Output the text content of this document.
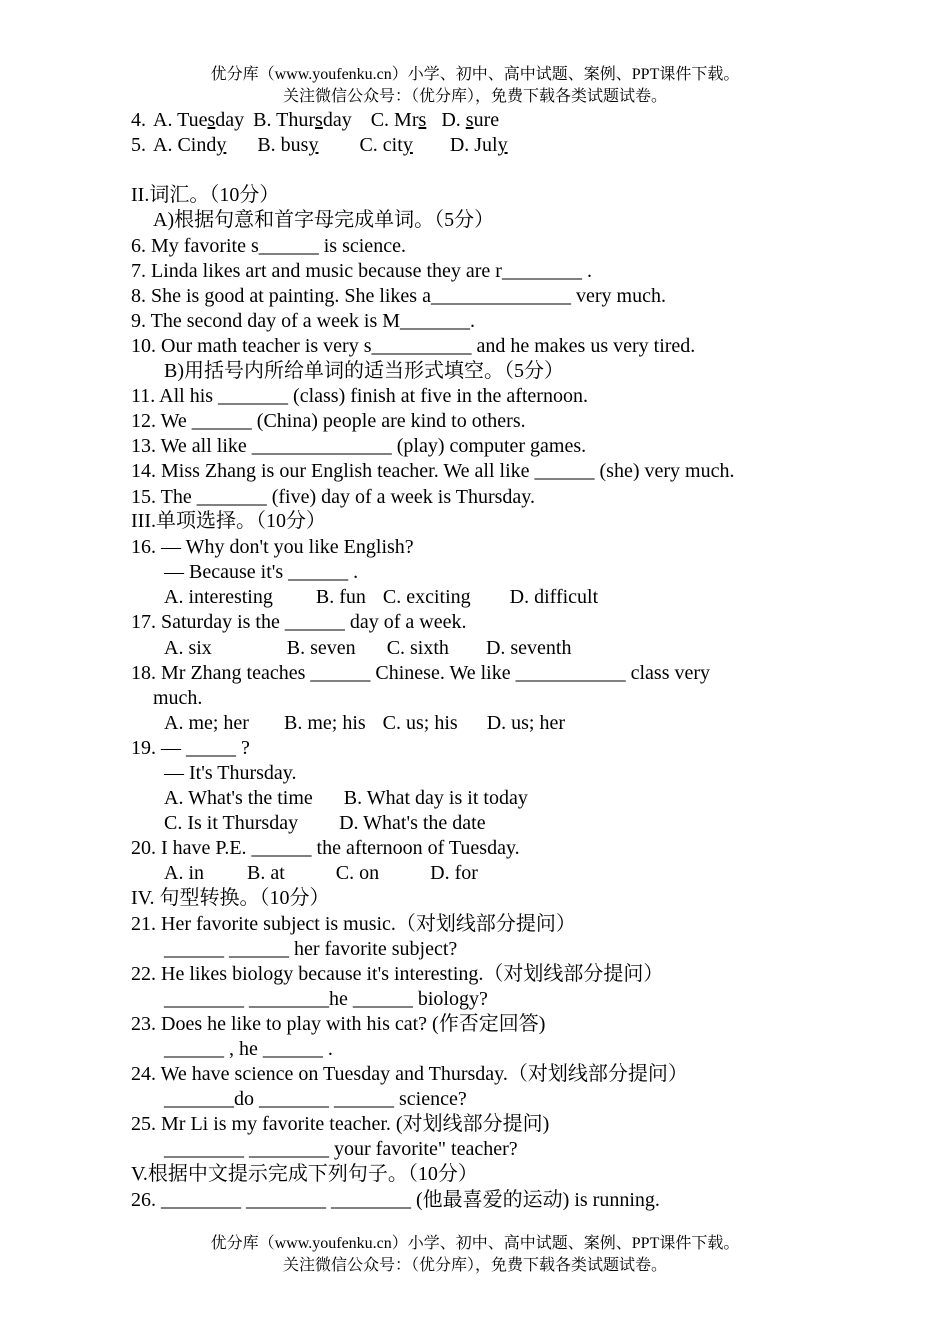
优分库（www.youfenku.cn）小学、初中、高中试题、案例、PPT课件下载。
关注微信公众号：（优分库），免费下载各类试题试卷。
4. A. Tuesday B. Thursday C. Mrs D. sure
5. A. Cindy B. busy C. city D. July
II.词汇。（10分）
A)根据句意和首字母完成单词。（5分）
6. My favorite s______ is science.
7. Linda likes art and music because they are r________ .
8. She is good at painting. She likes a______________ very much.
9. The second day of a week is M_______.
10. Our math teacher is very s__________ and he makes us very tired.
B)用括号内所给单词的适当形式填空。（5分）
11. All his _______ (class) finish at five in the afternoon.
12. We ______ (China) people are kind to others.
13. We all like ______________ (play) computer games.
14. Miss Zhang is our English teacher. We all like ______ (she) very much.
15. The _______ (five) day of a week is Thursday.
III.单项选择。（10分）
16. — Why don't you like English?
— Because it's ______ .
A. interesting B. fun C. exciting D. difficult
17. Saturday is the ______ day of a week.
A. six	B. seven C. sixth D. seventh
18. Mr Zhang teaches ______ Chinese. We like ___________ class very
much.
A. me; her B. me; his C. us; his D. us; her
19. — _____ ?
— It's Thursday.
A. What's the time B. What day is it today
C. Is it Thursday D. What's the date
20. I have P.E. ______ the afternoon of Tuesday.
A. in B. at	C. on	D. for
IV. 句型转换。（10分）
21. Her favorite subject is music.（对划线部分提问）
______ ______ her favorite subject?
22. He likes biology because it's interesting.（对划线部分提问）
________ ________he ______ biology?
23. Does he like to play with his cat? (作否定回答)
______ , he ______ .
24. We have science on Tuesday and Thursday.（对划线部分提问）
_______do _______ ______ science?
25. Mr Li is my favorite teacher. (对划线部分提问)
________ ________ your favorite" teacher?
V.根据中文提示完成下列句子。（10分）
26. ________ ________ ________ (他最喜爱的运动) is running.
优分库（www.youfenku.cn）小学、初中、高中试题、案例、PPT课件下载。
关注微信公众号：（优分库），免费下载各类试题试卷。
